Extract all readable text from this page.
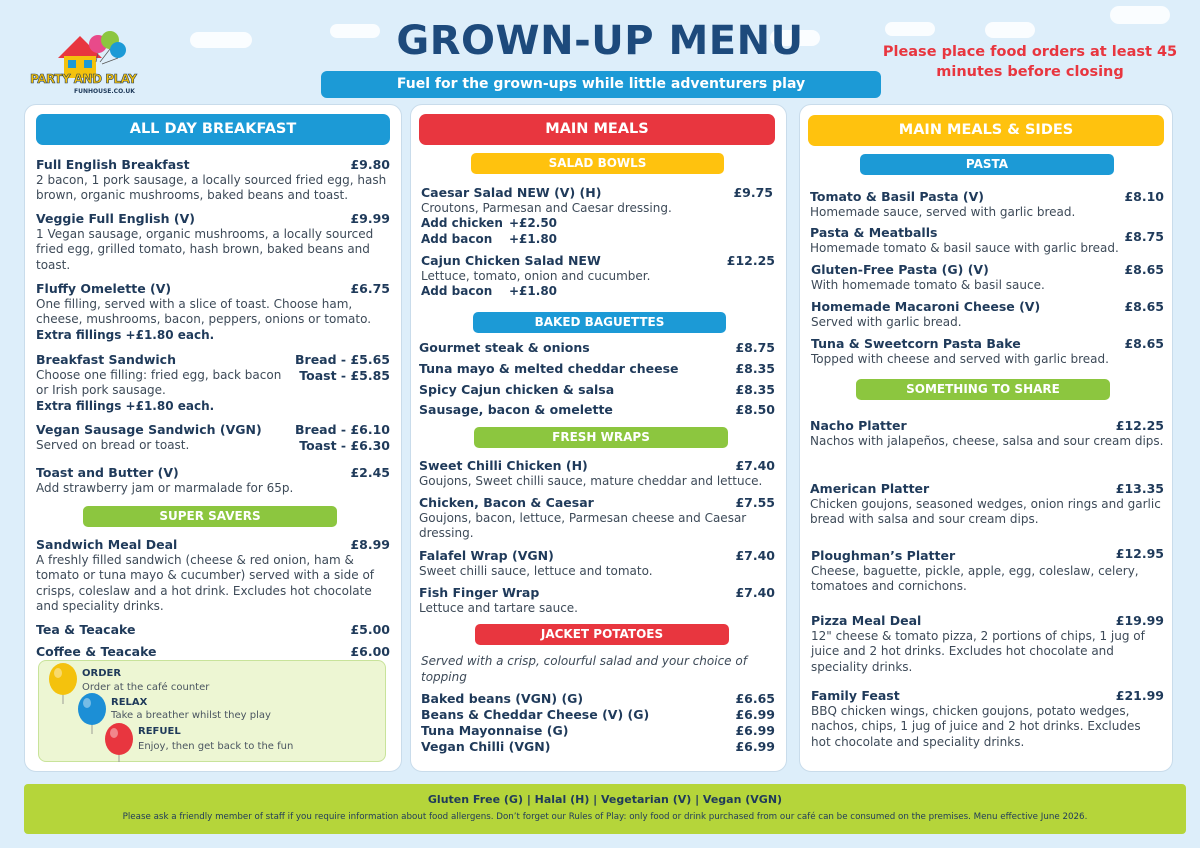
PARTY AND PLAY
FUNHOUSE.CO.UK
GROWN-UP MENU
Fuel for the grown-ups while little adventurers play
Please place food orders at least 45 minutes before closing
ALL DAY BREAKFAST
Full English Breakfast	£9.80
2 bacon, 1 pork sausage, a locally sourced fried egg, hash brown, organic mushrooms, baked beans and toast.
Veggie Full English (V)	£9.99
1 Vegan sausage, organic mushrooms, a locally sourced fried egg, grilled tomato, hash brown, baked beans and toast.
Fluffy Omelette (V)	£6.75
One filling, served with a slice of toast. Choose ham, cheese, mushrooms, bacon, peppers, onions or tomato.
Extra fillings +£1.80 each.
Breakfast Sandwich	Bread - £5.65
Toast - £5.85
Choose one filling: fried egg, back bacon or Irish pork sausage.
Extra fillings +£1.80 each.
Vegan Sausage Sandwich (VGN)	Bread - £6.10
Toast - £6.30
Served on bread or toast.
Toast and Butter (V)	£2.45
Add strawberry jam or marmalade for 65p.
SUPER SAVERS
Sandwich Meal Deal	£8.99
A freshly filled sandwich (cheese & red onion, ham & tomato or tuna mayo & cucumber) served with a side of crisps, coleslaw and a hot drink. Excludes hot chocolate and speciality drinks.
Tea & Teacake	£5.00
Coffee & Teacake	£6.00
ORDER
Order at the café counter
RELAX
Take a breather whilst they play
REFUEL
Enjoy, then get back to the fun
MAIN MEALS
SALAD BOWLS
Caesar Salad NEW (V) (H)	£9.75
Croutons, Parmesan and Caesar dressing.
Add chicken +£2.50
Add bacon +£1.80
Cajun Chicken Salad NEW	£12.25
Lettuce, tomato, onion and cucumber.
Add bacon +£1.80
BAKED BAGUETTES
Gourmet steak & onions	£8.75
Tuna mayo & melted cheddar cheese	£8.35
Spicy Cajun chicken & salsa	£8.35
Sausage, bacon & omelette	£8.50
FRESH WRAPS
Sweet Chilli Chicken (H)	£7.40
Goujons, Sweet chilli sauce, mature cheddar and lettuce.
Chicken, Bacon & Caesar	£7.55
Goujons, bacon, lettuce, Parmesan cheese and Caesar dressing.
Falafel Wrap (VGN)	£7.40
Sweet chilli sauce, lettuce and tomato.
Fish Finger Wrap	£7.40
Lettuce and tartare sauce.
JACKET POTATOES
Served with a crisp, colourful salad and your choice of topping
Baked beans (VGN) (G)	£6.65
Beans & Cheddar Cheese (V) (G)	£6.99
Tuna Mayonnaise (G)	£6.99
Vegan Chilli (VGN)	£6.99
MAIN MEALS & SIDES
PASTA
Tomato & Basil Pasta (V)	£8.10
Homemade sauce, served with garlic bread.
Pasta & Meatballs	£8.75
Homemade tomato & basil sauce with garlic bread.
Gluten-Free Pasta (G) (V)	£8.65
With homemade tomato & basil sauce.
Homemade Macaroni Cheese (V)	£8.65
Served with garlic bread.
Tuna & Sweetcorn Pasta Bake	£8.65
Topped with cheese and served with garlic bread.
SOMETHING TO SHARE
Nacho Platter	£12.25
Nachos with jalapeños, cheese, salsa and sour cream dips.
American Platter	£13.35
Chicken goujons, seasoned wedges, onion rings and garlic bread with salsa and sour cream dips.
Ploughman’s Platter	£12.95
Cheese, baguette, pickle, apple, egg, coleslaw, celery, tomatoes and cornichons.
Pizza Meal Deal	£19.99
12" cheese & tomato pizza, 2 portions of chips, 1 jug of juice and 2 hot drinks. Excludes hot chocolate and speciality drinks.
Family Feast	£21.99
BBQ chicken wings, chicken goujons, potato wedges, nachos, chips, 1 jug of juice and 2 hot drinks. Excludes hot chocolate and speciality drinks.
Gluten Free (G) | Halal (H) | Vegetarian (V) | Vegan (VGN)
Please ask a friendly member of staff if you require information about food allergens. Don’t forget our Rules of Play: only food or drink purchased from our café can be consumed on the premises. Menu effective June 2026.
